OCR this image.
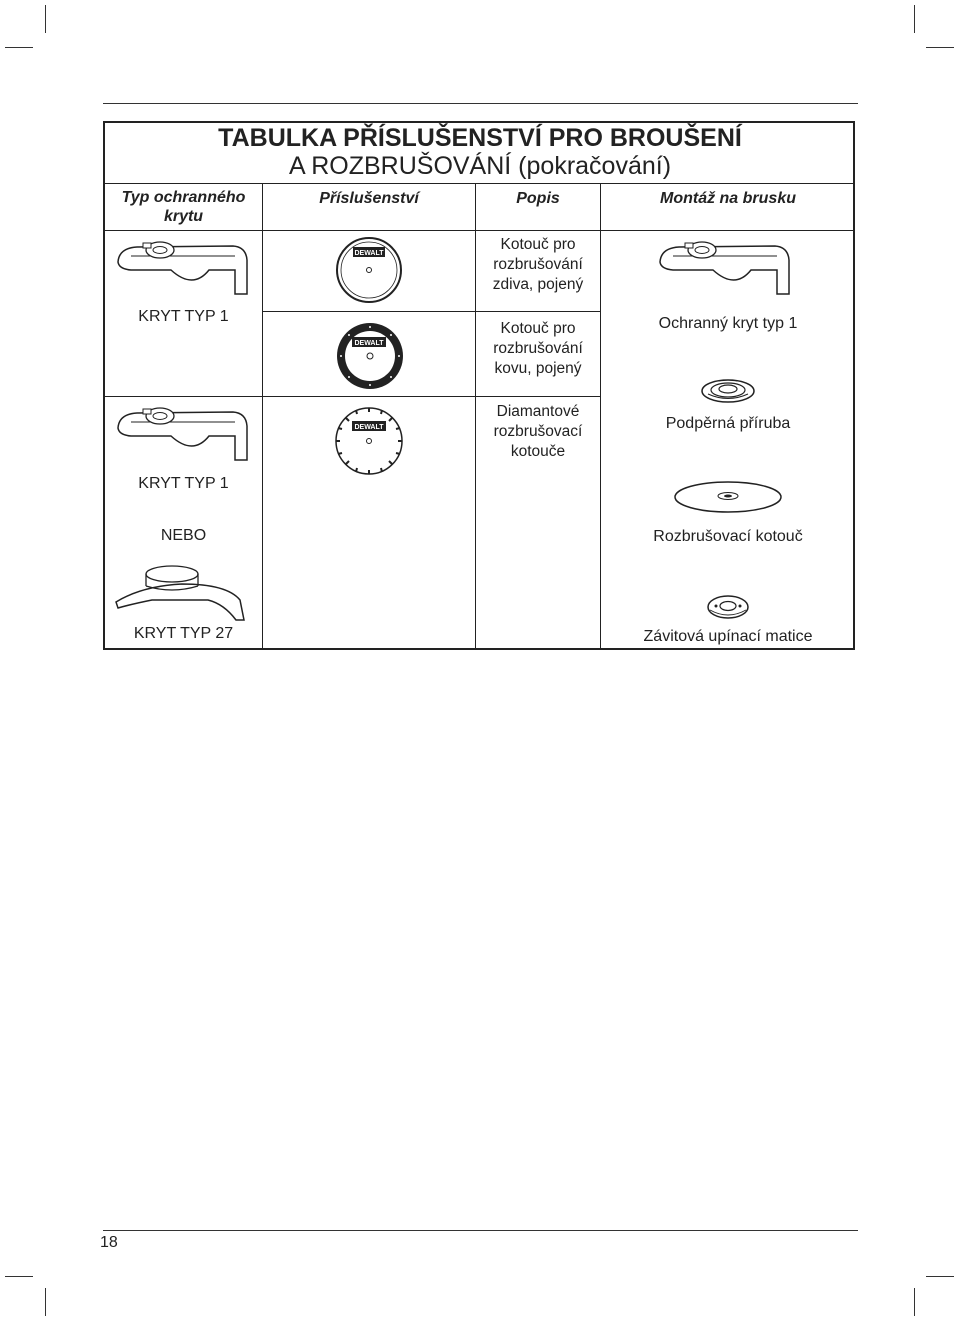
TABULKA PŘÍSLUŠENSTVÍ PRO BROUŠENÍ
A ROZBRUŠOVÁNÍ (pokračování)
Typ ochranného krytu
Příslušenství	Popis	Montáž na brusku
KRYT TYP 1
KRYT TYP 1
NEBO
KRYT TYP 27
DEWALT
DEWALT
DEWALT
Kotouč pro rozbrušování zdiva, pojený
Kotouč pro rozbrušování kovu, pojený
Diamantové rozbrušovací kotouče
Ochranný kryt typ 1
Podpěrná příruba
Rozbrušovací kotouč
Závitová upínací matice
18
